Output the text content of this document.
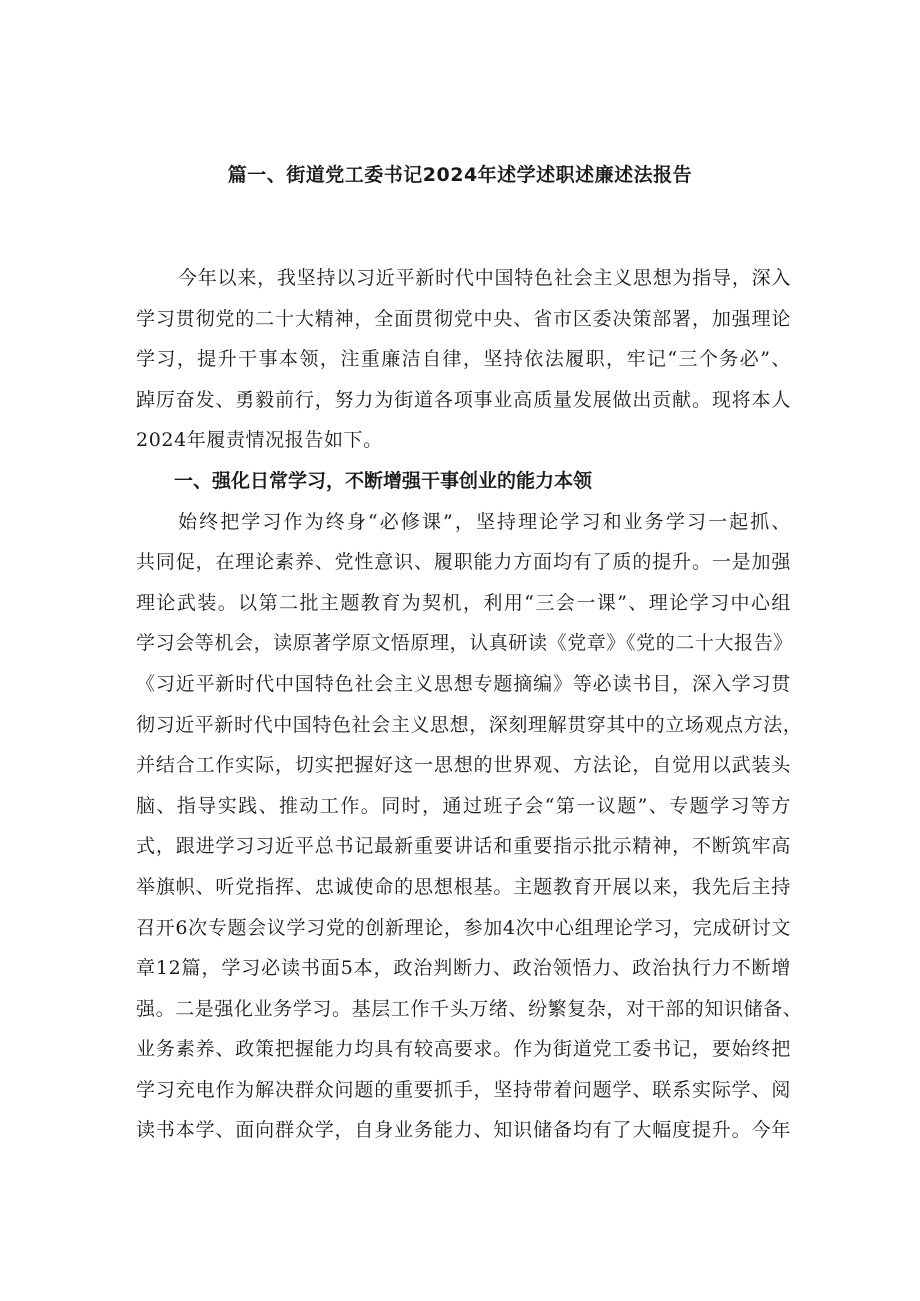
篇一、街道党工委书记2024年述学述职述廉述法报告
今年以来，我坚持以习近平新时代中国特色社会主义思想为指导，深入
学习贯彻党的二十大精神，全面贯彻党中央、省市区委决策部署，加强理论
学习，提升干事本领，注重廉洁自律，坚持依法履职，牢记“三个务必”、
踔厉奋发、勇毅前行，努力为街道各项事业高质量发展做出贡献。现将本人
2024年履责情况报告如下。
一、强化日常学习，不断增强干事创业的能力本领
始终把学习作为终身“必修课”，坚持理论学习和业务学习一起抓、
共同促，在理论素养、党性意识、履职能力方面均有了质的提升。一是加强
理论武装。以第二批主题教育为契机，利用“三会一课”、理论学习中心组
学习会等机会，读原著学原文悟原理，认真研读《党章》《党的二十大报告》
《习近平新时代中国特色社会主义思想专题摘编》等必读书目，深入学习贯
彻习近平新时代中国特色社会主义思想，深刻理解贯穿其中的立场观点方法，
并结合工作实际，切实把握好这一思想的世界观、方法论，自觉用以武装头
脑、指导实践、推动工作。同时，通过班子会“第一议题”、专题学习等方
式，跟进学习习近平总书记最新重要讲话和重要指示批示精神，不断筑牢高
举旗帜、听党指挥、忠诚使命的思想根基。主题教育开展以来，我先后主持
召开6次专题会议学习党的创新理论，参加4次中心组理论学习，完成研讨文
章12篇，学习必读书面5本，政治判断力、政治领悟力、政治执行力不断增
强。二是强化业务学习。基层工作千头万绪、纷繁复杂，对干部的知识储备、
业务素养、政策把握能力均具有较高要求。作为街道党工委书记，要始终把
学习充电作为解决群众问题的重要抓手，坚持带着问题学、联系实际学、阅
读书本学、面向群众学，自身业务能力、知识储备均有了大幅度提升。今年
